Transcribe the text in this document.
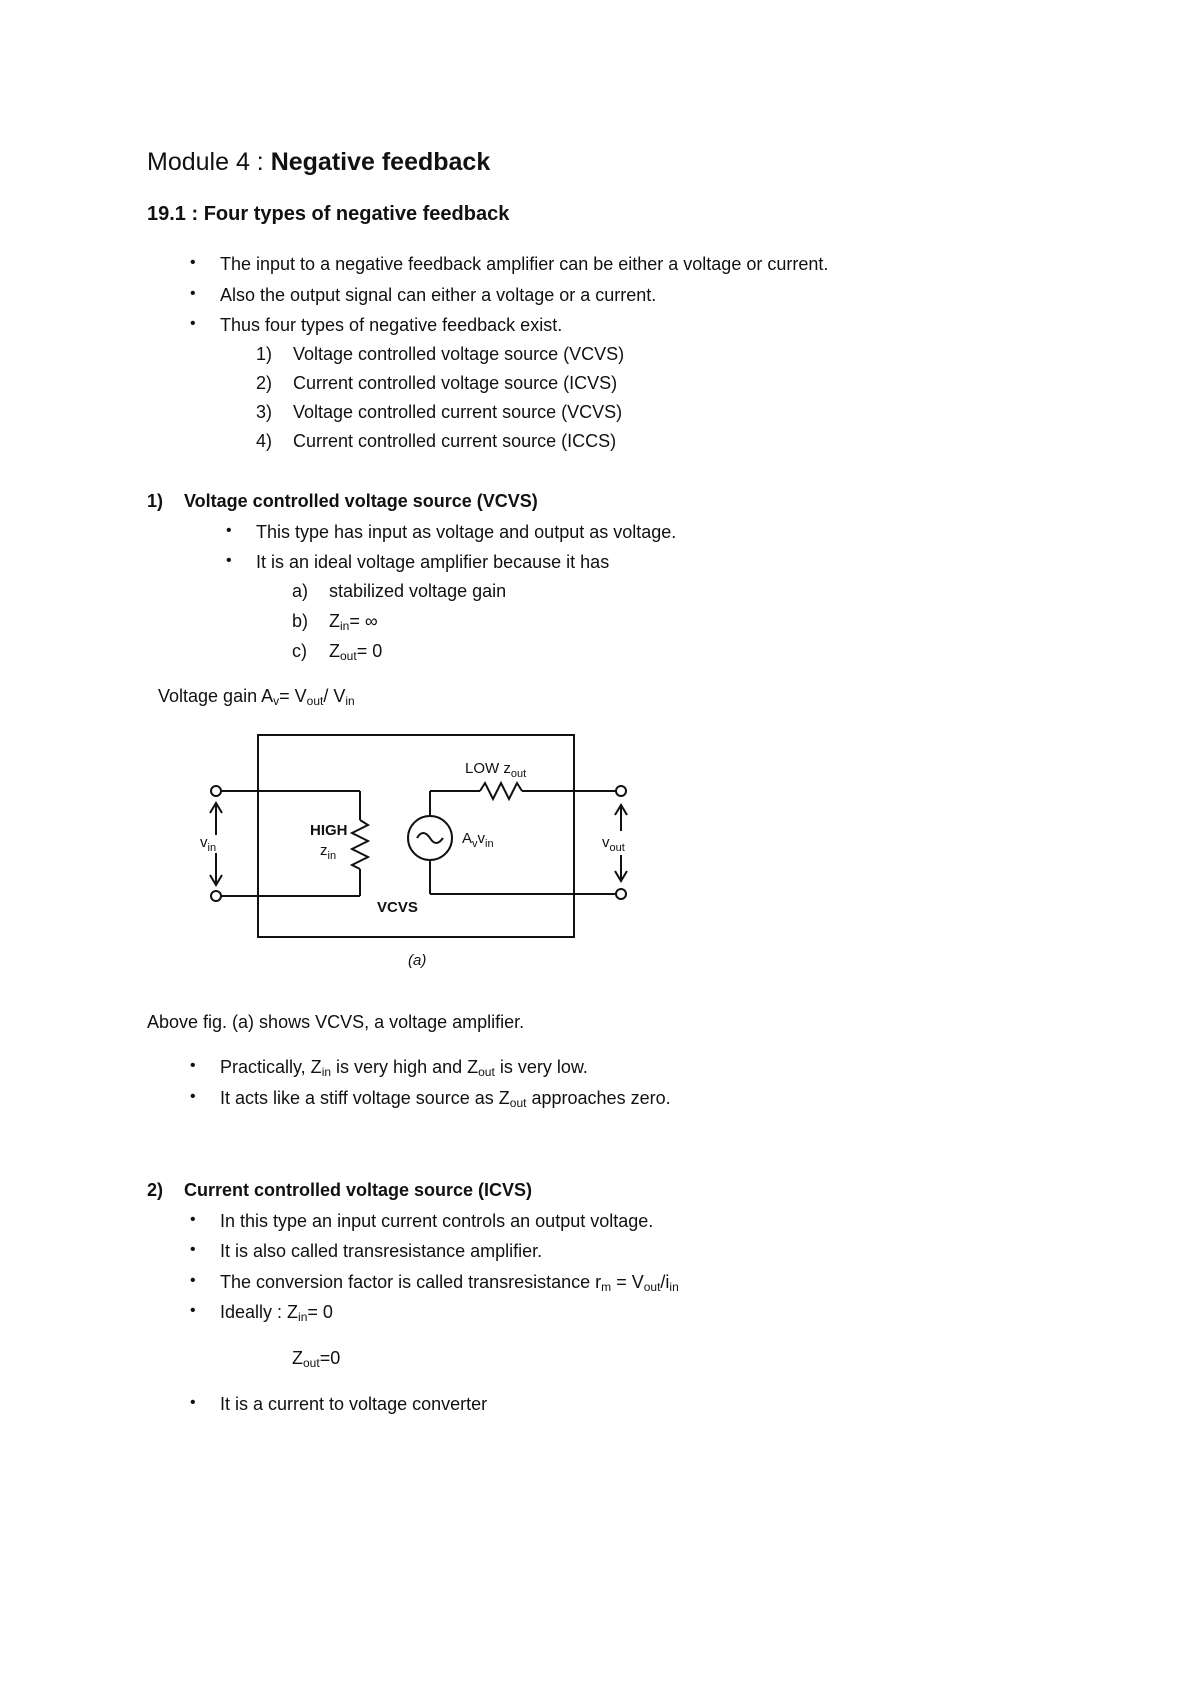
Module 4 : Negative feedback
19.1 : Four types of negative feedback
• The input to a negative feedback amplifier can be either a voltage or current.
• Also the output signal can either a voltage or a current.
• Thus four types of negative feedback exist.
1) Voltage controlled voltage source (VCVS)
2) Current controlled voltage source (ICVS)
3) Voltage controlled current source (VCVS)
4) Current controlled current source (ICCS)
1) Voltage controlled voltage source (VCVS)
• This type has input as voltage and output as voltage.
• It is an ideal voltage amplifier because it has
a) stabilized voltage gain
b) $Z_{in}=$ ∞
c) $Z_{out}= 0$
Voltage gain $A_v= V_{out}/$ $V_{in}$
LOW $z_{out}$
HIGH
$z_{in}$
$v_{in}$
$A_vv_{in}$	$v_{out}$
VCVS
(a)
Above fig. (a) shows VCVS, a voltage amplifier.
• Practically, $Z_{in}$ is very high and $Z_{out}$ is very low.
• It acts like a stiff voltage source as $Z_{out}$ approaches zero.
2) Current controlled voltage source (ICVS)
• In this type an input current controls an output voltage.
• It is also called transresistance amplifier.
• The conversion factor is called transresistance $r_m = V_{out}/i_{in}$
• Ideally : $Z_{in}= 0$
$Z_{out}=0$
• It is a current to voltage converter
